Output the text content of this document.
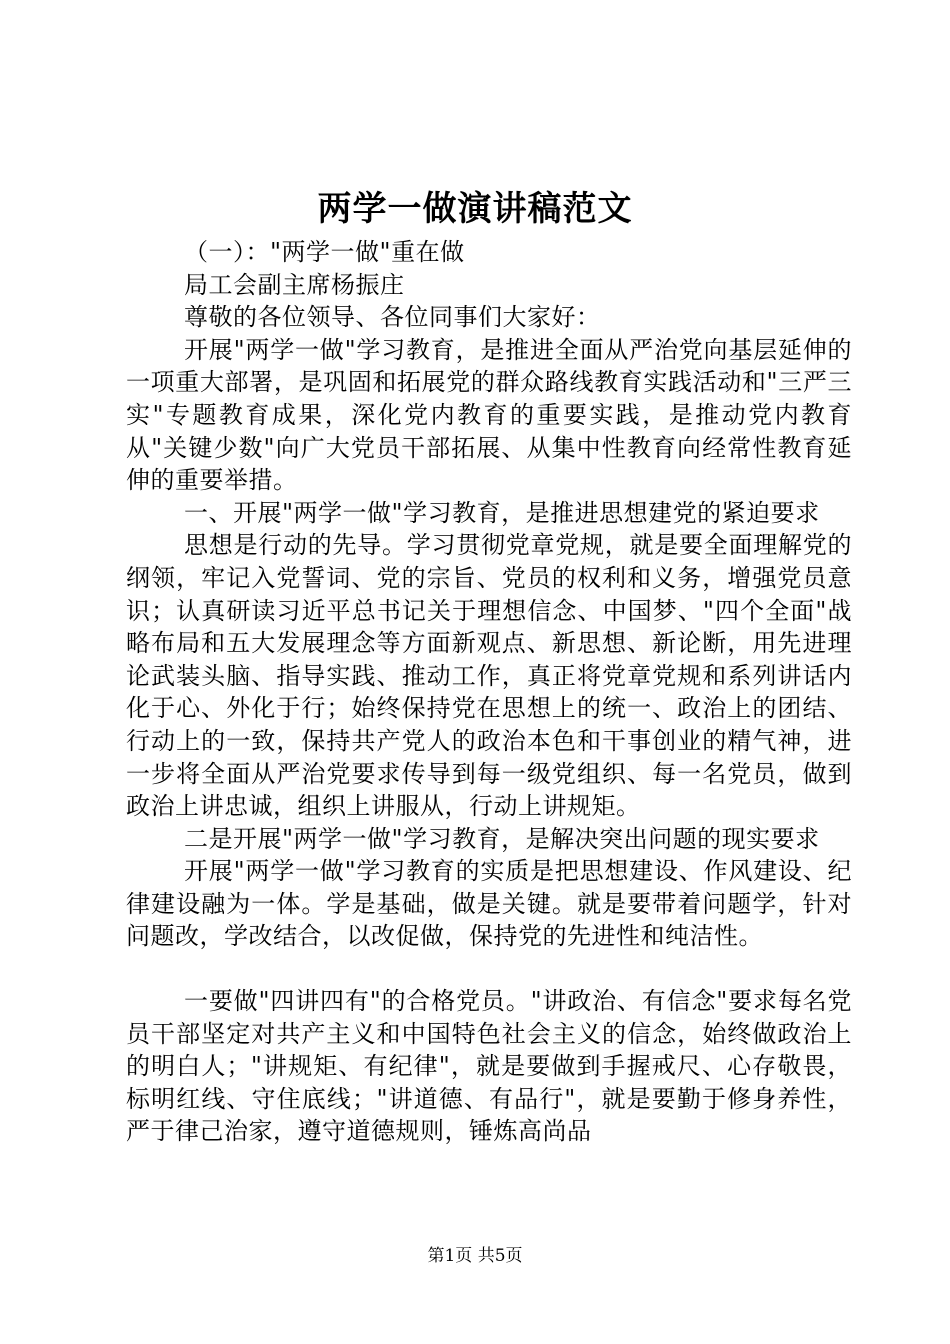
两学一做演讲稿范文

（一）："两学一做"重在做

局工会副主席杨振庄

尊敬的各位领导、各位同事们大家好：

开展"两学一做"学习教育，是推进全面从严治党向基层延伸的一项重大部署，是巩固和拓展党的群众路线教育实践活动和"三严三实"专题教育成果，深化党内教育的重要实践，是推动党内教育从"关键少数"向广大党员干部拓展、从集中性教育向经常性教育延伸的重要举措。

一、开展"两学一做"学习教育，是推进思想建党的紧迫要求

思想是行动的先导。学习贯彻党章党规，就是要全面理解党的纲领，牢记入党誓词、党的宗旨、党员的权利和义务，增强党员意识；认真研读习近平总书记关于理想信念、中国梦、"四个全面"战略布局和五大发展理念等方面新观点、新思想、新论断，用先进理论武装头脑、指导实践、推动工作，真正将党章党规和系列讲话内化于心、外化于行；始终保持党在思想上的统一、政治上的团结、行动上的一致，保持共产党人的政治本色和干事创业的精气神，进一步将全面从严治党要求传导到每一级党组织、每一名党员，做到政治上讲忠诚，组织上讲服从，行动上讲规矩。

二是开展"两学一做"学习教育，是解决突出问题的现实要求

开展"两学一做"学习教育的实质是把思想建设、作风建设、纪律建设融为一体。学是基础，做是关键。就是要带着问题学，针对问题改，学改结合，以改促做，保持党的先进性和纯洁性。

一要做"四讲四有"的合格党员。"讲政治、有信念"要求每名党员干部坚定对共产主义和中国特色社会主义的信念，始终做政治上的明白人；"讲规矩、有纪律"，就是要做到手握戒尺、心存敬畏，标明红线、守住底线；"讲道德、有品行"，就是要勤于修身养性，严于律己治家，遵守道德规则，锤炼高尚品

第1页 共5页
